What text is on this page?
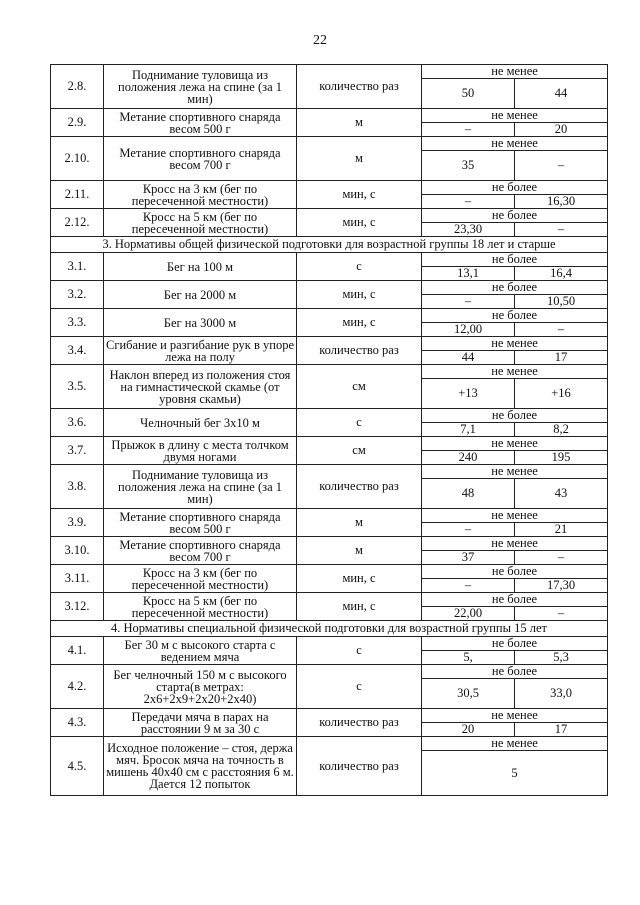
22
2.8.	Поднимание туловища из положения лежа на спине (за 1 мин)	количество раз	не менее	
			50	44
2.9.	Метание спортивного снаряда весом 500 г	м	не менее	
			–	20
2.10.	Метание спортивного снаряда весом 700 г	м	не менее	
			35	–
2.11.	Кросс на 3 км (бег по пересеченной местности)	мин, с	не более	
			–	16,30
2.12.	Кросс на 5 км (бег по пересеченной местности)	мин, с	не более	
			23,30	–
3. Нормативы общей физической подготовки для возрастной группы 18 лет и старше				
3.1.	Бег на 100 м	с	не более	
			13,1	16,4
3.2.	Бег на 2000 м	мин, с	не более	
			–	10,50
3.3.	Бег на 3000 м	мин, с	не более	
			12,00	–
3.4.	Сгибание и разгибание рук в упоре лежа на полу	количество раз	не менее	
			44	17
3.5.	Наклон вперед из положения стоя на гимнастической скамье (от уровня скамьи)	см	не менее	
			+13	+16
3.6.	Челночный бег 3x10 м	с	не более	
			7,1	8,2
3.7.	Прыжок в длину с места толчком двумя ногами	см	не менее	
			240	195
3.8.	Поднимание туловища из положения лежа на спине (за 1 мин)	количество раз	не менее	
			48	43
3.9.	Метание спортивного снаряда весом 500 г	м	не менее	
			–	21
3.10.	Метание спортивного снаряда весом 700 г	м	не менее	
			37	–
3.11.	Кросс на 3 км (бег по пересеченной местности)	мин, с	не более	
			–	17,30
3.12.	Кросс на 5 км (бег по пересеченной местности)	мин, с	не более	
			22,00	–
4. Нормативы специальной физической подготовки для возрастной группы 15 лет				
4.1.	Бег 30 м с высокого старта с ведением мяча	с	не более	
			5,	5,3
4.2.	Бег челночный 150 м с высокого старта(в метрах: 2x6+2x9+2x20+2x40)	с	не более	
			30,5	33,0
4.3.	Передачи мяча в парах на расстоянии 9 м за 30 с	количество раз	не менее	
			20	17
4.5.	Исходное положение – стоя, держа мяч. Бросок мяча на точность в мишень 40x40 см с расстояния 6 м. Дается 12 попыток	количество раз	не менее	
			5	
